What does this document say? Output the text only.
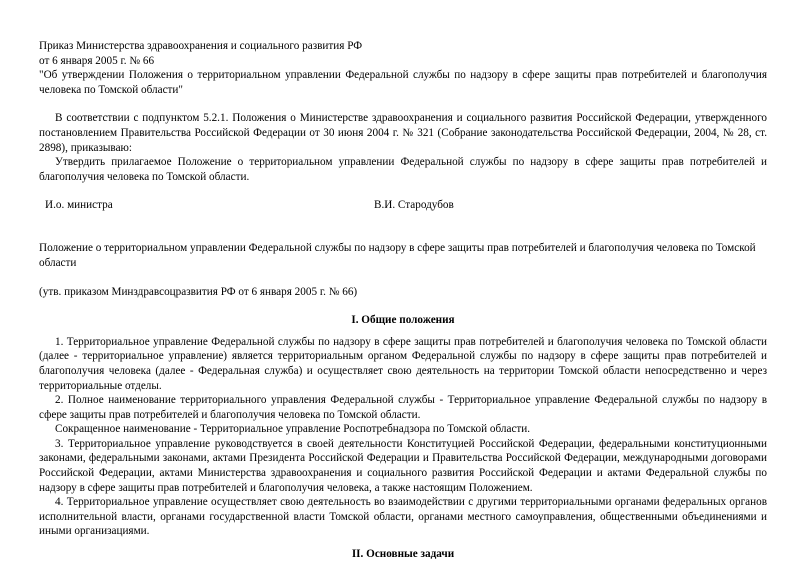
Приказ Министерства здравоохранения и социального развития РФ
от 6 января 2005 г. № 66

"Об утверждении Положения о территориальном управлении Федеральной службы по надзору в сфере защиты прав потребителей и благополучия человека по Томской области"

В соответствии с подпунктом 5.2.1. Положения о Министерстве здравоохранения и социального развития Российской Федерации, утвержденного постановлением Правительства Российской Федерации от 30 июня 2004 г. № 321 (Собрание законодательства Российской Федерации, 2004, № 28, ст. 2898), приказываю:

Утвердить прилагаемое Положение о территориальном управлении Федеральной службы по надзору в сфере защиты прав потребителей и благополучия человека по Томской области.

И.о. министра	В.И. Стародубов

Положение о территориальном управлении Федеральной службы по надзору в сфере защиты прав потребителей и благополучия человека по Томской области

(утв. приказом Минздравсоцразвития РФ от 6 января 2005 г. № 66)

I. Общие положения

1. Территориальное управление Федеральной службы по надзору в сфере защиты прав потребителей и благополучия человека по Томской области (далее - территориальное управление) является территориальным органом Федеральной службы по надзору в сфере защиты прав потребителей и благополучия человека (далее - Федеральная служба) и осуществляет свою деятельность на территории Томской области непосредственно и через территориальные отделы.

2. Полное наименование территориального управления Федеральной службы - Территориальное управление Федеральной службы по надзору в сфере защиты прав потребителей и благополучия человека по Томской области.

Сокращенное наименование - Территориальное управление Роспотребнадзора по Томской области.

3. Территориальное управление руководствуется в своей деятельности Конституцией Российской Федерации, федеральными конституционными законами, федеральными законами, актами Президента Российской Федерации и Правительства Российской Федерации, международными договорами Российской Федерации, актами Министерства здравоохранения и социального развития Российской Федерации и актами Федеральной службы по надзору в сфере защиты прав потребителей и благополучия человека, а также настоящим Положением.

4. Территориальное управление осуществляет свою деятельность во взаимодействии с другими территориальными органами федеральных органов исполнительной власти, органами государственной власти Томской области, органами местного самоуправления, общественными объединениями и иными организациями.

II. Основные задачи
